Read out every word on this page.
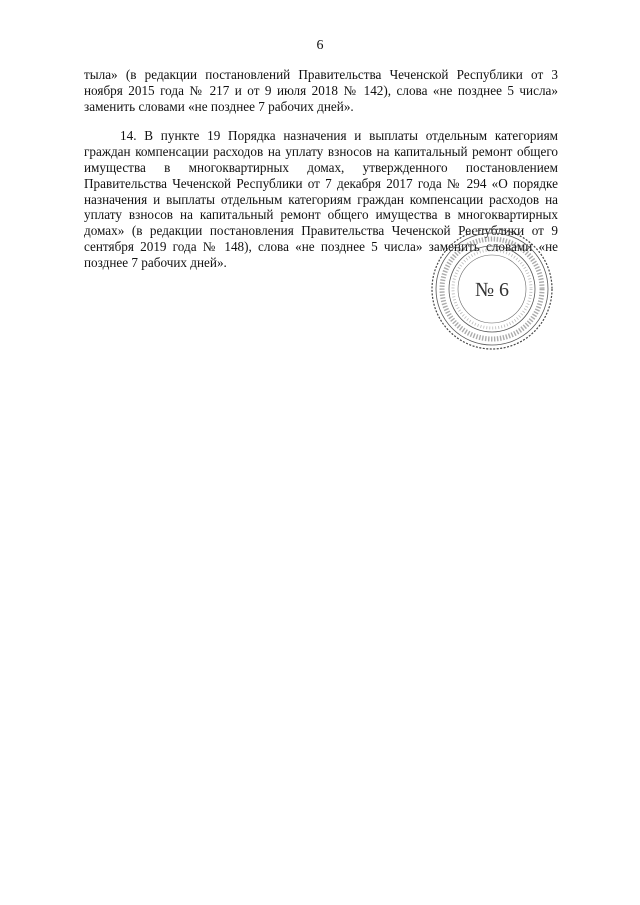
6

тыла» (в редакции постановлений Правительства Чеченской Республики от 3 ноября 2015 года № 217 и от 9 июля 2018 № 142), слова «не позднее 5 числа» заменить словами «не позднее 7 рабочих дней».

14. В пункте 19 Порядка назначения и выплаты отдельным категориям граждан компенсации расходов на уплату взносов на капитальный ремонт общего имущества в многоквартирных домах, утвержденного постановлением Правительства Чеченской Республики от 7 декабря 2017 года № 294 «О порядке назначения и выплаты отдельным категориям граждан компенсации расходов на уплату взносов на капитальный ремонт общего имущества в многоквартирных домах» (в редакции постановления Правительства Чеченской Республики от 9 сентября 2019 года № 148), слова «не позднее 5 числа» заменить словами «не позднее 7 рабочих дней».

№ 6
